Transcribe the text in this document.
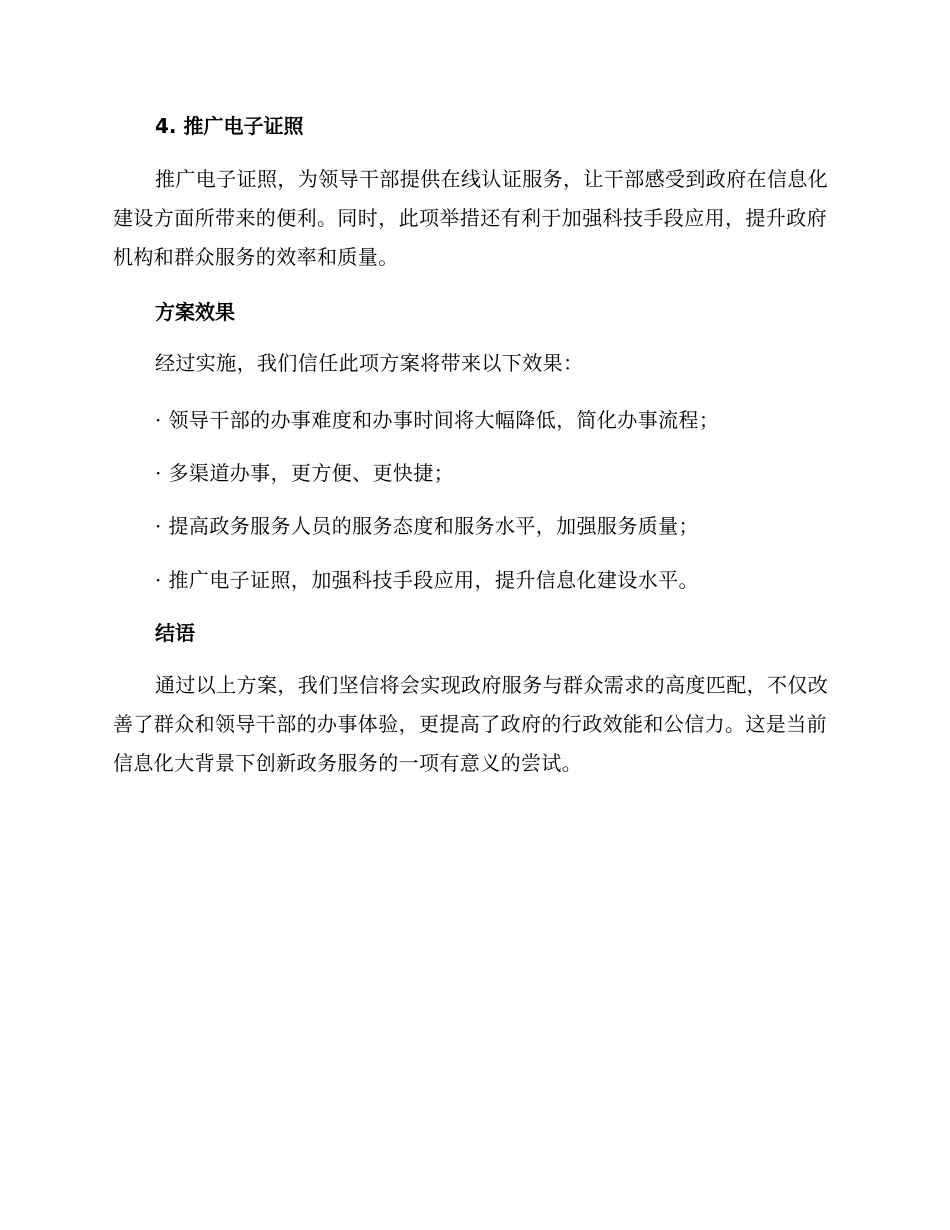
4. 推广电子证照

推广电子证照，为领导干部提供在线认证服务，让干部感受到政府在信息化建设方面所带来的便利。同时，此项举措还有利于加强科技手段应用，提升政府机构和群众服务的效率和质量。

方案效果

经过实施，我们信任此项方案将带来以下效果：

· 领导干部的办事难度和办事时间将大幅降低，简化办事流程；

· 多渠道办事，更方便、更快捷；

· 提高政务服务人员的服务态度和服务水平，加强服务质量；

· 推广电子证照，加强科技手段应用，提升信息化建设水平。

结语

通过以上方案，我们坚信将会实现政府服务与群众需求的高度匹配，不仅改善了群众和领导干部的办事体验，更提高了政府的行政效能和公信力。这是当前信息化大背景下创新政务服务的一项有意义的尝试。
